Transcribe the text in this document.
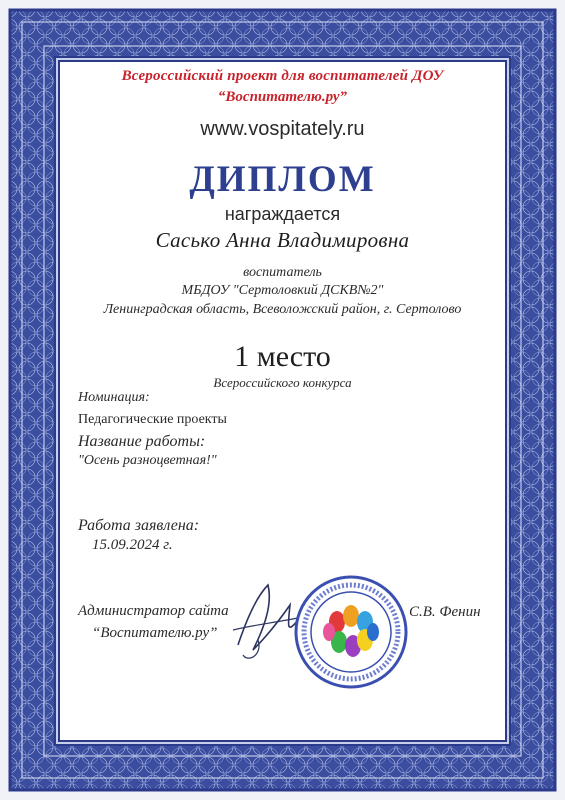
Всероссийский проект для воспитателей ДОУ

“Воспитателю.ру”

www.vospitately.ru

ДИПЛОМ

награждается

Сасько Анна Владимировна

воспитатель

МБДОУ "Сертоловкий ДСКВ№2"

Ленинградская область, Всеволожский район, г. Сертолово

1 место

Всероссийского конкурса

Номинация:

Педагогические проекты

Название работы:

"Осень разноцветная!"

Работа заявлена:

15.09.2024 г.

Администратор сайта

“Воспитателю.ру”

С.В. Фенин
